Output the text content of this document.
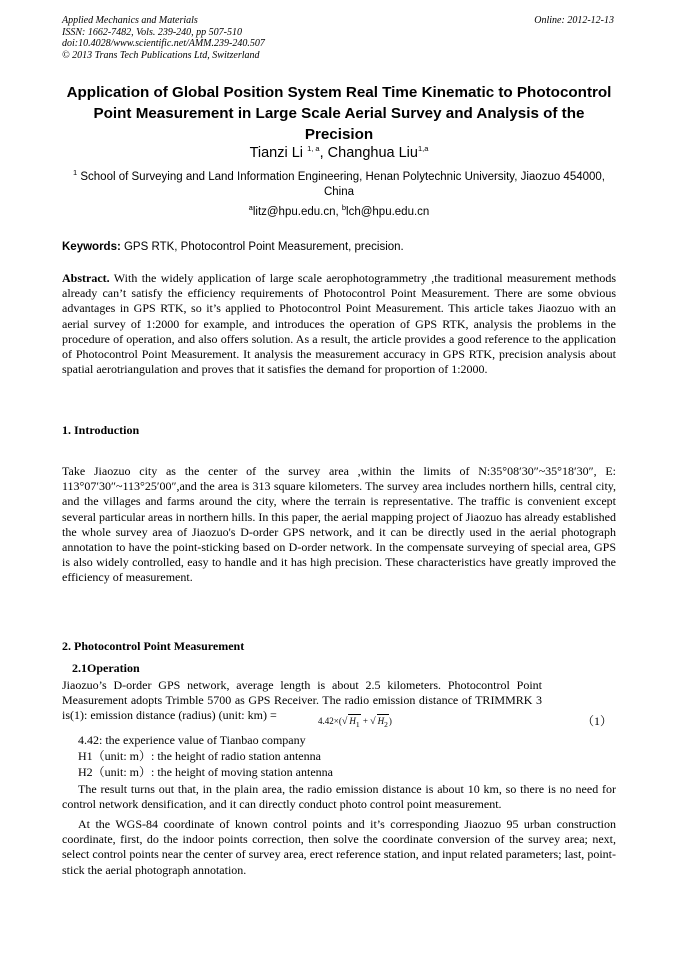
Applied Mechanics and Materials
ISSN: 1662-7482, Vols. 239-240, pp 507-510
doi:10.4028/www.scientific.net/AMM.239-240.507
© 2013 Trans Tech Publications Ltd, Switzerland
Online: 2012-12-13
Application of Global Position System Real Time Kinematic to Photocontrol Point Measurement in Large Scale Aerial Survey and Analysis of the Precision
Tianzi Li $^{1, a}$, Changhua Liu$^{1,a}$
$^1$ School of Surveying and Land Information Engineering, Henan Polytechnic University, Jiaozuo 454000, China
$^a$litz@hpu.edu.cn, $^b$lch@hpu.edu.cn
Keywords: GPS RTK, Photocontrol Point Measurement, precision.
Abstract. With the widely application of large scale aerophotogrammetry ,the traditional measurement methods already can’t satisfy the efficiency requirements of Photocontrol Point Measurement. There are some obvious advantages in GPS RTK, so it’s applied to Photocontrol Point Measurement. This article takes Jiaozuo with an aerial survey of 1:2000 for example, and introduces the operation of GPS RTK, analysis the problems in the procedure of operation, and also offers solution. As a result, the article provides a good reference to the application of Photocontrol Point Measurement. It analysis the measurement accuracy in GPS RTK, precision analysis about spatial aerotriangulation and proves that it satisfies the demand for proportion of 1:2000.
1. Introduction
Take Jiaozuo city as the center of the survey area ,within the limits of N:35°08′30″~35°18′30″, E: 113°07′30″~113°25′00″,and the area is 313 square kilometers. The survey area includes northern hills, central city, and the villages and farms around the city, where the terrain is representative. The traffic is convenient except several particular areas in northern hills. In this paper, the aerial mapping project of Jiaozuo has already established the whole survey area of Jiaozuo's D-order GPS network, and it can be directly used in the aerial photograph annotation to have the point-sticking based on D-order network. In the compensate surveying of special area, GPS is also widely controlled, easy to handle and it has high precision. These characteristics have greatly improved the efficiency of measurement.
2. Photocontrol Point Measurement
2.1Operation
Jiaozuo’s D-order GPS network, average length is about 2.5 kilometers. Photocontrol Point Measurement adopts Trimble 5700 as GPS Receiver. The radio emission distance of TRIMMRK 3 is(1): emission distance (radius) (unit: km) =	4.42×(√ $H_1$ + √ $H_2$)	（1）
4.42: the experience value of Tianbao company
H1（unit: m）: the height of radio station antenna
H2（unit: m）: the height of moving station antenna
The result turns out that, in the plain area, the radio emission distance is about 10 km, so there is no need for control network densification, and it can directly conduct photo control point measurement.
At the WGS-84 coordinate of known control points and it’s corresponding Jiaozuo 95 urban construction coordinate, first, do the indoor points correction, then solve the coordinate conversion of the survey area; next, select control points near the center of survey area, erect reference station, and input related parameters; last, point-stick the aerial photograph annotation.
